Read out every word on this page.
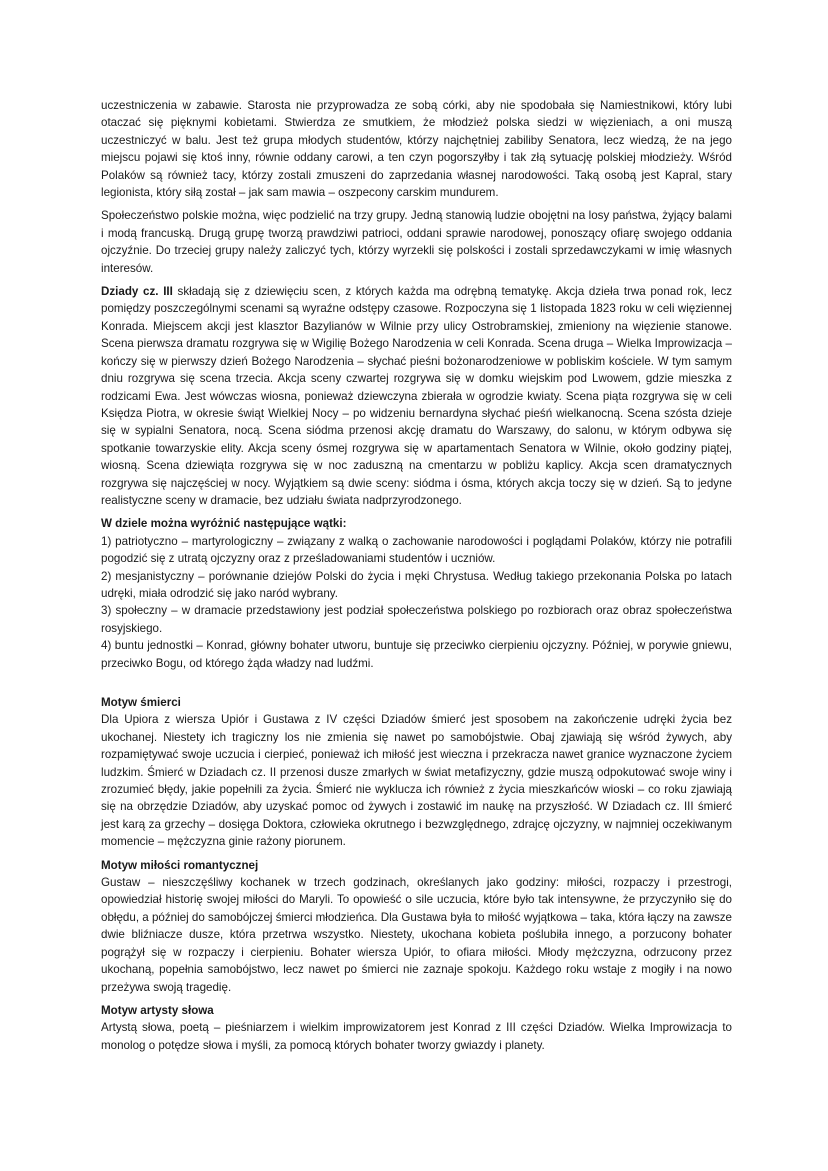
uczestniczenia w zabawie. Starosta nie przyprowadza ze sobą córki, aby nie spodobała się Namiestnikowi, który lubi otaczać się pięknymi kobietami. Stwierdza ze smutkiem, że młodzież polska siedzi w więzieniach, a oni muszą uczestniczyć w balu. Jest też grupa młodych studentów, którzy najchętniej zabiliby Senatora, lecz wiedzą, że na jego miejscu pojawi się ktoś inny, równie oddany carowi, a ten czyn pogorszyłby i tak złą sytuację polskiej młodzieży. Wśród Polaków są również tacy, którzy zostali zmuszeni do zaprzedania własnej narodowości. Taką osobą jest Kapral, stary legionista, który siłą został – jak sam mawia – oszpecony carskim mundurem.

Społeczeństwo polskie można, więc podzielić na trzy grupy. Jedną stanowią ludzie obojętni na losy państwa, żyjący balami i modą francuską. Drugą grupę tworzą prawdziwi patrioci, oddani sprawie narodowej, ponoszący ofiarę swojego oddania ojczyźnie. Do trzeciej grupy należy zaliczyć tych, którzy wyrzekli się polskości i zostali sprzedawczykami w imię własnych interesów.

Dziady cz. III składają się z dziewięciu scen, z których każda ma odrębną tematykę. Akcja dzieła trwa ponad rok, lecz pomiędzy poszczególnymi scenami są wyraźne odstępy czasowe. Rozpoczyna się 1 listopada 1823 roku w celi więziennej Konrada. Miejscem akcji jest klasztor Bazylianów w Wilnie przy ulicy Ostrobramskiej, zmieniony na więzienie stanowe. Scena pierwsza dramatu rozgrywa się w Wigilię Bożego Narodzenia w celi Konrada. Scena druga – Wielka Improwizacja – kończy się w pierwszy dzień Bożego Narodzenia – słychać pieśni bożonarodzeniowe w pobliskim kościele. W tym samym dniu rozgrywa się scena trzecia. Akcja sceny czwartej rozgrywa się w domku wiejskim pod Lwowem, gdzie mieszka z rodzicami Ewa. Jest wówczas wiosna, ponieważ dziewczyna zbierała w ogrodzie kwiaty. Scena piąta rozgrywa się w celi Księdza Piotra, w okresie świąt Wielkiej Nocy – po widzeniu bernardyna słychać pieśń wielkanocną. Scena szósta dzieje się w sypialni Senatora, nocą. Scena siódma przenosi akcję dramatu do Warszawy, do salonu, w którym odbywa się spotkanie towarzyskie elity. Akcja sceny ósmej rozgrywa się w apartamentach Senatora w Wilnie, około godziny piątej, wiosną. Scena dziewiąta rozgrywa się w noc zaduszną na cmentarzu w pobliżu kaplicy. Akcja scen dramatycznych rozgrywa się najczęściej w nocy. Wyjątkiem są dwie sceny: siódma i ósma, których akcja toczy się w dzień. Są to jedyne realistyczne sceny w dramacie, bez udziału świata nadprzyrodzonego.

W dziele można wyróżnić następujące wątki:

1) patriotyczno – martyrologiczny – związany z walką o zachowanie narodowości i poglądami Polaków, którzy nie potrafili pogodzić się z utratą ojczyzny oraz z prześladowaniami studentów i uczniów.

2) mesjanistyczny – porównanie dziejów Polski do życia i męki Chrystusa. Według takiego przekonania Polska po latach udręki, miała odrodzić się jako naród wybrany.

3) społeczny – w dramacie przedstawiony jest podział społeczeństwa polskiego po rozbiorach oraz obraz społeczeństwa rosyjskiego.

4) buntu jednostki – Konrad, główny bohater utworu, buntuje się przeciwko cierpieniu ojczyzny. Później, w porywie gniewu, przeciwko Bogu, od którego żąda władzy nad ludźmi.

Motyw śmierci

Dla Upiora z wiersza Upiór i Gustawa z IV części Dziadów śmierć jest sposobem na zakończenie udręki życia bez ukochanej. Niestety ich tragiczny los nie zmienia się nawet po samobójstwie. Obaj zjawiają się wśród żywych, aby rozpamiętywać swoje uczucia i cierpieć, ponieważ ich miłość jest wieczna i przekracza nawet granice wyznaczone życiem ludzkim. Śmierć w Dziadach cz. II przenosi dusze zmarłych w świat metafizyczny, gdzie muszą odpokutować swoje winy i zrozumieć błędy, jakie popełnili za życia. Śmierć nie wyklucza ich również z życia mieszkańców wioski – co roku zjawiają się na obrzędzie Dziadów, aby uzyskać pomoc od żywych i zostawić im naukę na przyszłość. W Dziadach cz. III śmierć jest karą za grzechy – dosięga Doktora, człowieka okrutnego i bezwzględnego, zdrajcę ojczyzny, w najmniej oczekiwanym momencie – mężczyzna ginie rażony piorunem.

Motyw miłości romantycznej

Gustaw – nieszczęśliwy kochanek w trzech godzinach, określanych jako godziny: miłości, rozpaczy i przestrogi, opowiedział historię swojej miłości do Maryli. To opowieść o sile uczucia, które było tak intensywne, że przyczyniło się do obłędu, a później do samobójczej śmierci młodzieńca. Dla Gustawa była to miłość wyjątkowa – taka, która łączy na zawsze dwie bliźniacze dusze, która przetrwa wszystko. Niestety, ukochana kobieta poślubiła innego, a porzucony bohater pogrążył się w rozpaczy i cierpieniu. Bohater wiersza Upiór, to ofiara miłości. Młody mężczyzna, odrzucony przez ukochaną, popełnia samobójstwo, lecz nawet po śmierci nie zaznaje spokoju. Każdego roku wstaje z mogiły i na nowo przeżywa swoją tragedię.

Motyw artysty słowa

Artystą słowa, poetą – pieśniarzem i wielkim improwizatorem jest Konrad z III części Dziadów. Wielka Improwizacja to monolog o potędze słowa i myśli, za pomocą których bohater tworzy gwiazdy i planety.
